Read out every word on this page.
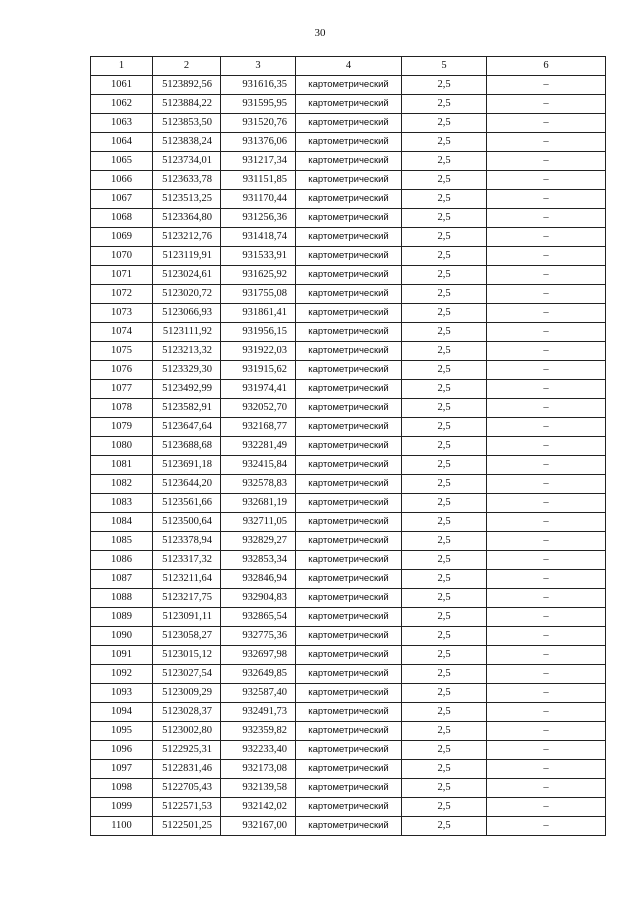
30
1	2	3	4	5	6
1061	5123892,56	931616,35	картометрический	2,5	–
1062	5123884,22	931595,95	картометрический	2,5	–
1063	5123853,50	931520,76	картометрический	2,5	–
1064	5123838,24	931376,06	картометрический	2,5	–
1065	5123734,01	931217,34	картометрический	2,5	–
1066	5123633,78	931151,85	картометрический	2,5	–
1067	5123513,25	931170,44	картометрический	2,5	–
1068	5123364,80	931256,36	картометрический	2,5	–
1069	5123212,76	931418,74	картометрический	2,5	–
1070	5123119,91	931533,91	картометрический	2,5	–
1071	5123024,61	931625,92	картометрический	2,5	–
1072	5123020,72	931755,08	картометрический	2,5	–
1073	5123066,93	931861,41	картометрический	2,5	–
1074	5123111,92	931956,15	картометрический	2,5	–
1075	5123213,32	931922,03	картометрический	2,5	–
1076	5123329,30	931915,62	картометрический	2,5	–
1077	5123492,99	931974,41	картометрический	2,5	–
1078	5123582,91	932052,70	картометрический	2,5	–
1079	5123647,64	932168,77	картометрический	2,5	–
1080	5123688,68	932281,49	картометрический	2,5	–
1081	5123691,18	932415,84	картометрический	2,5	–
1082	5123644,20	932578,83	картометрический	2,5	–
1083	5123561,66	932681,19	картометрический	2,5	–
1084	5123500,64	932711,05	картометрический	2,5	–
1085	5123378,94	932829,27	картометрический	2,5	–
1086	5123317,32	932853,34	картометрический	2,5	–
1087	5123211,64	932846,94	картометрический	2,5	–
1088	5123217,75	932904,83	картометрический	2,5	–
1089	5123091,11	932865,54	картометрический	2,5	–
1090	5123058,27	932775,36	картометрический	2,5	–
1091	5123015,12	932697,98	картометрический	2,5	–
1092	5123027,54	932649,85	картометрический	2,5	–
1093	5123009,29	932587,40	картометрический	2,5	–
1094	5123028,37	932491,73	картометрический	2,5	–
1095	5123002,80	932359,82	картометрический	2,5	–
1096	5122925,31	932233,40	картометрический	2,5	–
1097	5122831,46	932173,08	картометрический	2,5	–
1098	5122705,43	932139,58	картометрический	2,5	–
1099	5122571,53	932142,02	картометрический	2,5	–
1100	5122501,25	932167,00	картометрический	2,5	–
